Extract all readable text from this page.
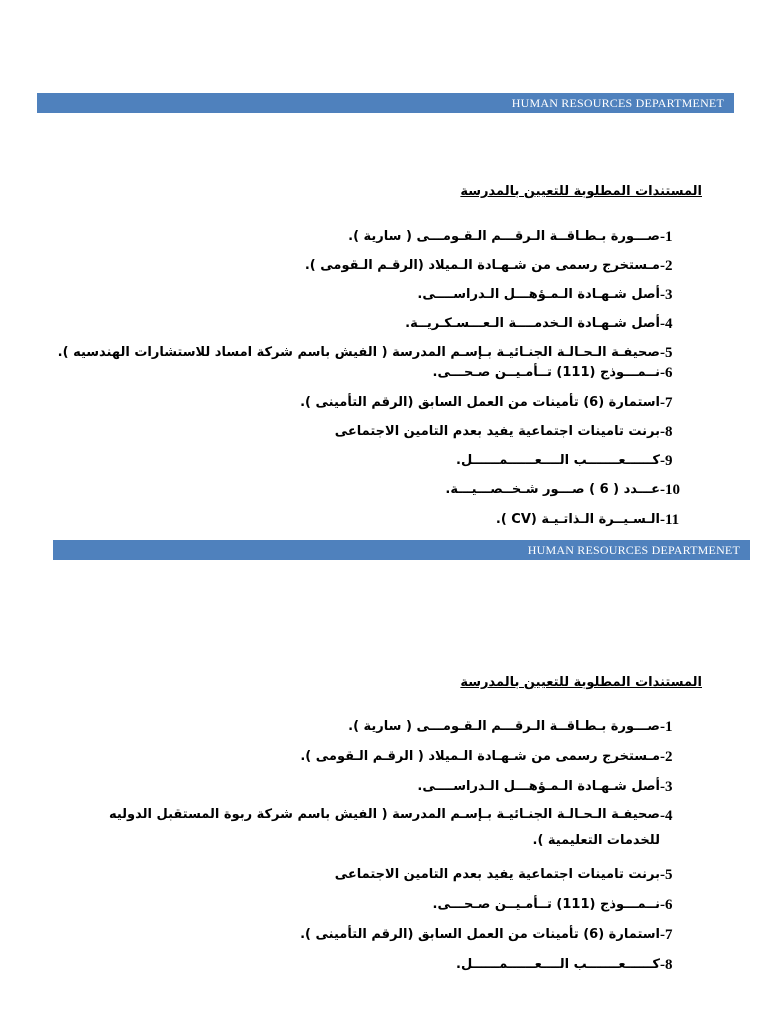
HUMAN RESOURCES DEPARTMENET
المستندات المطلوبة للتعيين بالمدرسة
-1
صـــورة بـطـاقــة الـرقـــم الـقـومـــى ( سارية ).
-2
مـستخرج رسمى من شـهـادة الـميلاد (الرقـم الـقومى ).
-3
أصل شـهـادة الـمـؤهـــل الـدراســــى.
-4
أصل شـهـادة الـخدمــــة الـعـــسـكـريــة.
-5
صحيفـة الـحـالـة الجنـائيـة بـإسـم المدرسة ( الفيش باسم شركة امساد للاستشارات الهندسيه ).
-6
نــمـــوذج (111) تــأمـيــن صـحـــى.
-7
استمارة (6) تأمينات من العمل السابق (الرقم التأمينى ).
-8
برنت تامينات اجتماعية يفيد بعدم التامين الاجتماعى
-9
كــــــعـــــــب الــــعــــــمــــــل.
-10
عـــدد ( 6 ) صـــور شـخــصـــيـــة.
-11
الـسـيــرة الـذاتـيـة (CV ).
HUMAN RESOURCES DEPARTMENET
المستندات المطلوبة للتعيين بالمدرسة
-1
صـــورة بـطـاقــة الـرقـــم الـقـومـــى ( سارية ).
-2
مـستخرج رسمى من شـهـادة الـميلاد ( الرقـم الـقومى ).
-3
أصل شـهـادة الـمـؤهـــل الـدراســــى.
-4
صحيفـة الـحـالـة الجنـائيـة بـإسـم المدرسة ( الفيش باسم شركة ربوة المستقبل الدوليه للخدمات التعليمية ).
-5
برنت تامينات اجتماعية يفيد بعدم التامين الاجتماعى
-6
نــمـــوذج (111) تــأمـيــن صـحـــى.
-7
استمارة (6) تأمينات من العمل السابق (الرقم التأمينى ).
-8
كــــــعـــــــب الــــعــــــمــــــل.
